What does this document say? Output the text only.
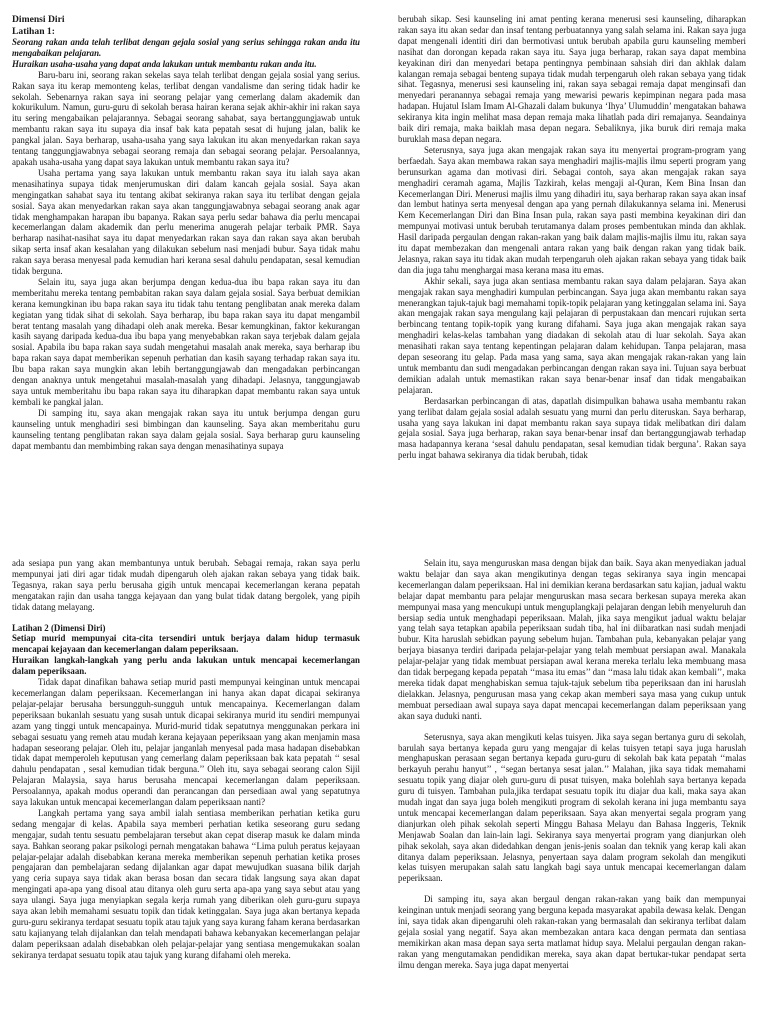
Dimensi Diri
Latihan 1:
Seorang rakan anda telah terlibat dengan gejala sosial yang serius sehingga rakan anda itu mengabaikan pelajaran.
Huraikan usaha-usaha yang dapat anda lakukan untuk membantu rakan anda itu.

Baru-baru ini, seorang rakan sekelas saya telah terlibat dengan gejala sosial yang serius. Rakan saya itu kerap memonteng kelas, terlibat dengan vandalisme dan sering tidak hadir ke sekolah. Sebenarnya rakan saya ini seorang pelajar yang cemerlang dalam akademik dan kokurikulum. Namun, guru-guru di sekolah berasa hairan kerana sejak akhir-akhir ini rakan saya itu sering mengabaikan pelajarannya. Sebagai seorang sahabat, saya bertanggungjawab untuk membantu rakan saya itu supaya dia insaf bak kata pepatah sesat di hujung jalan, balik ke pangkal jalan. Saya berharap, usaha-usaha yang saya lakukan itu akan menyedarkan rakan saya tentang tanggungjawabnya sebagai seorang remaja dan sebagai seorang pelajar. Persoalannya, apakah usaha-usaha yang dapat saya lakukan untuk membantu rakan saya itu?

Usaha pertama yang saya lakukan untuk membantu rakan saya itu ialah saya akan menasihatinya supaya tidak menjerumuskan diri dalam kancah gejala sosial. Saya akan mengingatkan sahabat saya itu tentang akibat sekiranya rakan saya itu terlibat dengan gejala sosial. Saya akan menyedarkan rakan saya akan tanggungjawabnya sebagai seorang anak agar tidak menghampakan harapan ibu bapanya. Rakan saya perlu sedar bahawa dia perlu mencapai kecemerlangan dalam akademik dan perlu menerima anugerah pelajar terbaik PMR. Saya berharap nasihat-nasihat saya itu dapat menyedarkan rakan saya dan rakan saya akan berubah sikap serta insaf akan kesalahan yang dilakukan sebelum nasi menjadi bubur. Saya tidak mahu rakan saya berasa menyesal pada kemudian hari kerana sesal dahulu pendapatan, sesal kemudian tidak berguna.

Selain itu, saya juga akan berjumpa dengan kedua-dua ibu bapa rakan saya itu dan memberitahu mereka tentang pembabitan rakan saya dalam gejala sosial. Saya berbuat demikian kerana kemungkinan ibu bapa rakan saya itu tidak tahu tentang penglibatan anak mereka dalam kegiatan yang tidak sihat di sekolah. Saya berharap, ibu bapa rakan saya itu dapat mengambil berat tentang masalah yang dihadapi oleh anak mereka. Besar kemungkinan, faktor kekurangan kasih sayang daripada kedua-dua ibu bapa yang menyebabkan rakan saya terjebak dalam gejala sosial. Apabila ibu bapa rakan saya sudah mengetahui masalah anak mereka, saya berharap ibu bapa rakan saya dapat memberikan sepenuh perhatian dan kasih sayang terhadap rakan saya itu. Ibu bapa rakan saya mungkin akan lebih bertanggungjawab dan mengadakan perbincangan dengan anaknya untuk mengetahui masalah-masalah yang dihadapi. Jelasnya, tanggungjawab saya untuk memberitahu ibu bapa rakan saya itu diharapkan dapat membantu rakan saya untuk kembali ke pangkal jalan.

Di samping itu, saya akan mengajak rakan saya itu untuk berjumpa dengan guru kaunseling untuk menghadiri sesi bimbingan dan kaunseling. Saya akan memberitahu guru kaunseling tentang penglibatan rakan saya dalam gejala sosial. Saya berharap guru kaunseling dapat membantu dan membimbing rakan saya dengan menasihatinya supaya

berubah sikap. Sesi kaunseling ini amat penting kerana menerusi sesi kaunseling, diharapkan rakan saya itu akan sedar dan insaf tentang perbuatannya yang salah selama ini. Rakan saya juga dapat mengenali identiti diri dan bermotivasi untuk berubah apabila guru kaunseling memberi nasihat dan dorongan kepada rakan saya itu. Saya juga berharap, rakan saya dapat membina keyakinan diri dan menyedari betapa pentingnya pembinaan sahsiah diri dan akhlak dalam kalangan remaja sebagai benteng supaya tidak mudah terpengaruh oleh rakan sebaya yang tidak sihat. Tegasnya, menerusi sesi kaunseling ini, rakan saya sebagai remaja dapat menginsafi dan menyedari peranannya sebagai remaja yang mewarisi pewaris kepimpinan negara pada masa hadapan. Hujatul Islam Imam Al-Ghazali dalam bukunya ‘Ihya’ Ulumuddin’ mengatakan bahawa sekiranya kita ingin melihat masa depan remaja maka lihatlah pada diri remajanya. Seandainya baik diri remaja, maka baiklah masa depan negara. Sebaliknya, jika buruk diri remaja maka buruklah masa depan negara.

Seterusnya, saya juga akan mengajak rakan saya itu menyertai program-program yang berfaedah. Saya akan membawa rakan saya menghadiri majlis-majlis ilmu seperti program yang berunsurkan agama dan motivasi diri. Sebagai contoh, saya akan mengajak rakan saya menghadiri ceramah agama, Majlis Tazkirah, kelas mengaji al-Quran, Kem Bina Insan dan Kecemerlangan Diri. Menerusi majlis ilmu yang dihadiri itu, saya berharap rakan saya akan insaf dan lembut hatinya serta menyesal dengan apa yang pernah dilakukannya selama ini. Menerusi Kem Kecemerlangan Diri dan Bina Insan pula, rakan saya pasti membina keyakinan diri dan mempunyai motivasi untuk berubah terutamanya dalam proses pembentukan minda dan akhlak. Hasil daripada pergaulan dengan rakan-rakan yang baik dalam majlis-majlis ilmu itu, rakan saya itu dapat membezakan dan mengenali antara rakan yang baik dengan rakan yang tidak baik. Jelasnya, rakan saya itu tidak akan mudah terpengaruh oleh ajakan rakan sebaya yang tidak baik dan dia juga tahu menghargai masa kerana masa itu emas.

Akhir sekali, saya juga akan sentiasa membantu rakan saya dalam pelajaran. Saya akan mengajak rakan saya menghadiri kumpulan perbincangan. Saya juga akan membantu rakan saya menerangkan tajuk-tajuk bagi memahami topik-topik pelajaran yang ketinggalan selama ini. Saya akan mengajak rakan saya mengulang kaji pelajaran di perpustakaan dan mencari rujukan serta berbincang tentang topik-topik yang kurang difahami. Saya juga akan mengajak rakan saya menghadiri kelas-kelas tambahan yang diadakan di sekolah atau di luar sekolah. Saya akan menasihati rakan saya tentang kepentingan pelajaran dalam kehidupan. Tanpa pelajaran, masa depan seseorang itu gelap. Pada masa yang sama, saya akan mengajak rakan-rakan yang lain untuk membantu dan sudi mengadakan perbincangan dengan rakan saya ini. Tujuan saya berbuat demikian adalah untuk memastikan rakan saya benar-benar insaf dan tidak mengabaikan pelajaran.

Berdasarkan perbincangan di atas, dapatlah disimpulkan bahawa usaha membantu rakan yang terlibat dalam gejala sosial adalah sesuatu yang murni dan perlu diteruskan. Saya berharap, usaha yang saya lakukan ini dapat membantu rakan saya supaya tidak melibatkan diri dalam gejala sosial. Saya juga berharap, rakan saya benar-benar insaf dan bertanggungjawab terhadap masa hadapannya kerana ‘sesal dahulu pendapatan, sesal kemudian tidak berguna’. Rakan saya perlu ingat bahawa sekiranya dia tidak berubah, tidak

ada sesiapa pun yang akan membantunya untuk berubah. Sebagai remaja, rakan saya perlu mempunyai jati diri agar tidak mudah dipengaruh oleh ajakan rakan sebaya yang tidak baik. Tegasnya, rakan saya perlu berusaha gigih untuk mencapai kecemerlangan kerana pepatah mengatakan rajin dan usaha tangga kejayaan dan yang bulat tidak datang bergolek, yang pipih tidak datang melayang.

Latihan 2 (Dimensi Diri)
Setiap murid mempunyai cita-cita tersendiri untuk berjaya dalam hidup termasuk mencapai kejayaan dan kecemerlangan dalam peperiksaan.
Huraikan langkah-langkah yang perlu anda lakukan untuk mencapai kecemerlangan dalam peperiksaan.

Tidak dapat dinafikan bahawa setiap murid pasti mempunyai keinginan untuk mencapai kecemerlangan dalam peperiksaan. Kecemerlangan ini hanya akan dapat dicapai sekiranya pelajar-pelajar berusaha bersungguh-sungguh untuk mencapainya. Kecemerlangan dalam peperiksaan bukanlah sesuatu yang susah untuk dicapai sekiranya murid itu sendiri mempunyai azam yang tinggi untuk mencapainya. Murid-murid tidak sepatutnya menggunakan perkara ini sebagai sesuatu yang remeh atau mudah kerana kejayaan peperiksaan yang akan menjamin masa hadapan seseorang pelajar. Oleh itu, pelajar janganlah menyesal pada masa hadapan disebabkan tidak dapat memperoleh keputusan yang cemerlang dalam peperiksaan bak kata pepatah ‘‘ sesal dahulu pendapatan , sesal kemudian tidak berguna.’’ Oleh itu, saya sebagai seorang calon Sijil Pelajaran Malaysia, saya harus berusaha mencapai kecemerlangan dalam peperiksaan. Persoalannya, apakah modus operandi dan perancangan dan persediaan awal yang sepatutnya saya lakukan untuk mencapai kecemerlangan dalam peperiksaan nanti?

Langkah pertama yang saya ambil ialah sentiasa memberikan perhatian ketika guru sedang mengajar di kelas. Apabila saya memberi perhatian ketika seseorang guru sedang mengajar, sudah tentu sesuatu pembelajaran tersebut akan cepat diserap masuk ke dalam minda saya. Bahkan seorang pakar psikologi pernah mengatakan bahawa ‘‘Lima puluh peratus kejayaan pelajar-pelajar adalah disebabkan kerana mereka memberikan sepenuh perhatian ketika proses pengajaran dan pembelajaran sedang dijalankan agar dapat mewujudkan suasana bilik darjah yang ceria supaya saya tidak akan berasa bosan dan secara tidak langsung saya akan dapat mengingati apa-apa yang disoal atau ditanya oleh guru serta apa-apa yang saya sebut atau yang saya ulangi. Saya juga menyiapkan segala kerja rumah yang diberikan oleh guru-guru supaya saya akan lebih memahami sesuatu topik dan tidak ketinggalan. Saya juga akan bertanya kepada guru-guru sekiranya terdapat sesuatu topik atau tajuk yang saya kurang faham kerana berdasarkan satu kajianyang telah dijalankan dan telah mendapati bahawa kebanyakan kecemerlangan pelajar dalam peperiksaan adalah disebabkan oleh pelajar-pelajar yang sentiasa mengemukakan soalan sekiranya terdapat sesuatu topik atau tajuk yang kurang difahami oleh mereka.

Selain itu, saya menguruskan masa dengan bijak dan baik. Saya akan menyediakan jadual waktu belajar dan saya akan mengikutinya dengan tegas sekiranya saya ingin mencapai kecemerlangan dalam peperiksaan. Hal ini demikian kerana berdasarkan satu kajian, jadual waktu belajar dapat membantu para pelajar menguruskan masa secara berkesan supaya mereka akan mempunyai masa yang mencukupi untuk menguplangkaji pelajaran dengan lebih menyeluruh dan bersiap sedia untuk menghadapi peperiksaan. Malah, jika saya mengikut jadual waktu belajar yang telah saya tetapkan apabila peperiksaan sudah tiba, hal ini diibaratkan nasi sudah menjadi bubur. Kita haruslah sebidkan payung sebelum hujan. Tambahan pula, kebanyakan pelajar yang berjaya biasanya terdiri daripada pelajar-pelajar yang telah membuat persiapan awal. Manakala pelajar-pelajar yang tidak membuat persiapan awal kerana mereka terlalu leka membuang masa dan tidak berpegang kepada pepatah ‘‘masa itu emas’’ dan ‘‘masa lalu tidak akan kembali’’, maka mereka tidak dapat menghabiskan semua tajuk-tajuk sebelum tiba peperiksaan dan ini haruslah dielakkan. Jelasnya, pengurusan masa yang cekap akan memberi saya masa yang cukup untuk membuat persediaan awal supaya saya dapat mencapai kecemerlangan dalam peperiksaan yang akan saya duduki nanti.

Seterusnya, saya akan mengikuti kelas tuisyen. Jika saya segan bertanya guru di sekolah, barulah saya bertanya kepada guru yang mengajar di kelas tuisyen tetapi saya juga haruslah menghapuskan perasaan segan bertanya kepada guru-guru di sekolah bak kata pepatah ‘‘malas berkayuh perahu hanyut’’ , ‘‘segan bertanya sesat jalan.’’ Malahan, jika saya tidak memahami sesuatu topik yang diajar oleh guru-guru di pusat tuisyen, maka bolehlah saya bertanya kepada guru di tuisyen. Tambahan pula,jika terdapat sesuatu topik itu diajar dua kali, maka saya akan mudah ingat dan saya juga boleh mengikuti program di sekolah kerana ini juga membantu saya untuk mencapai kecemerlangan dalam peperiksaan. Saya akan menyertai segala program yang dianjurkan oleh pihak sekolah seperti Minggu Bahasa Melayu dan Bahasa Inggeris, Teknik Menjawab Soalan dan lain-lain lagi. Sekiranya saya menyertai program yang dianjurkan oleh pihak sekolah, saya akan didedahkan dengan jenis-jenis soalan dan teknik yang kerap kali akan ditanya dalam peperiksaan. Jelasnya, penyertaan saya dalam program sekolah dan mengikuti kelas tuisyen merupakan salah satu langkah bagi saya untuk mencapai kecemerlangan dalam peperiksaan.

Di samping itu, saya akan bergaul dengan rakan-rakan yang baik dan mempunyai keinginan untuk menjadi seorang yang berguna kepada masyarakat apabila dewasa kelak. Dengan ini, saya tidak akan dipengaruhi oleh rakan-rakan yang bermasalah dan sekiranya terlibat dalam gejala sosial yang negatif. Saya akan membezakan antara kaca dengan permata dan sentiasa memikirkan akan masa depan saya serta matlamat hidup saya. Melalui pergaulan dengan rakan-rakan yang mengutamakan pendidikan mereka, saya akan dapat bertukar-tukar pendapat serta ilmu dengan mereka. Saya juga dapat menyertai
